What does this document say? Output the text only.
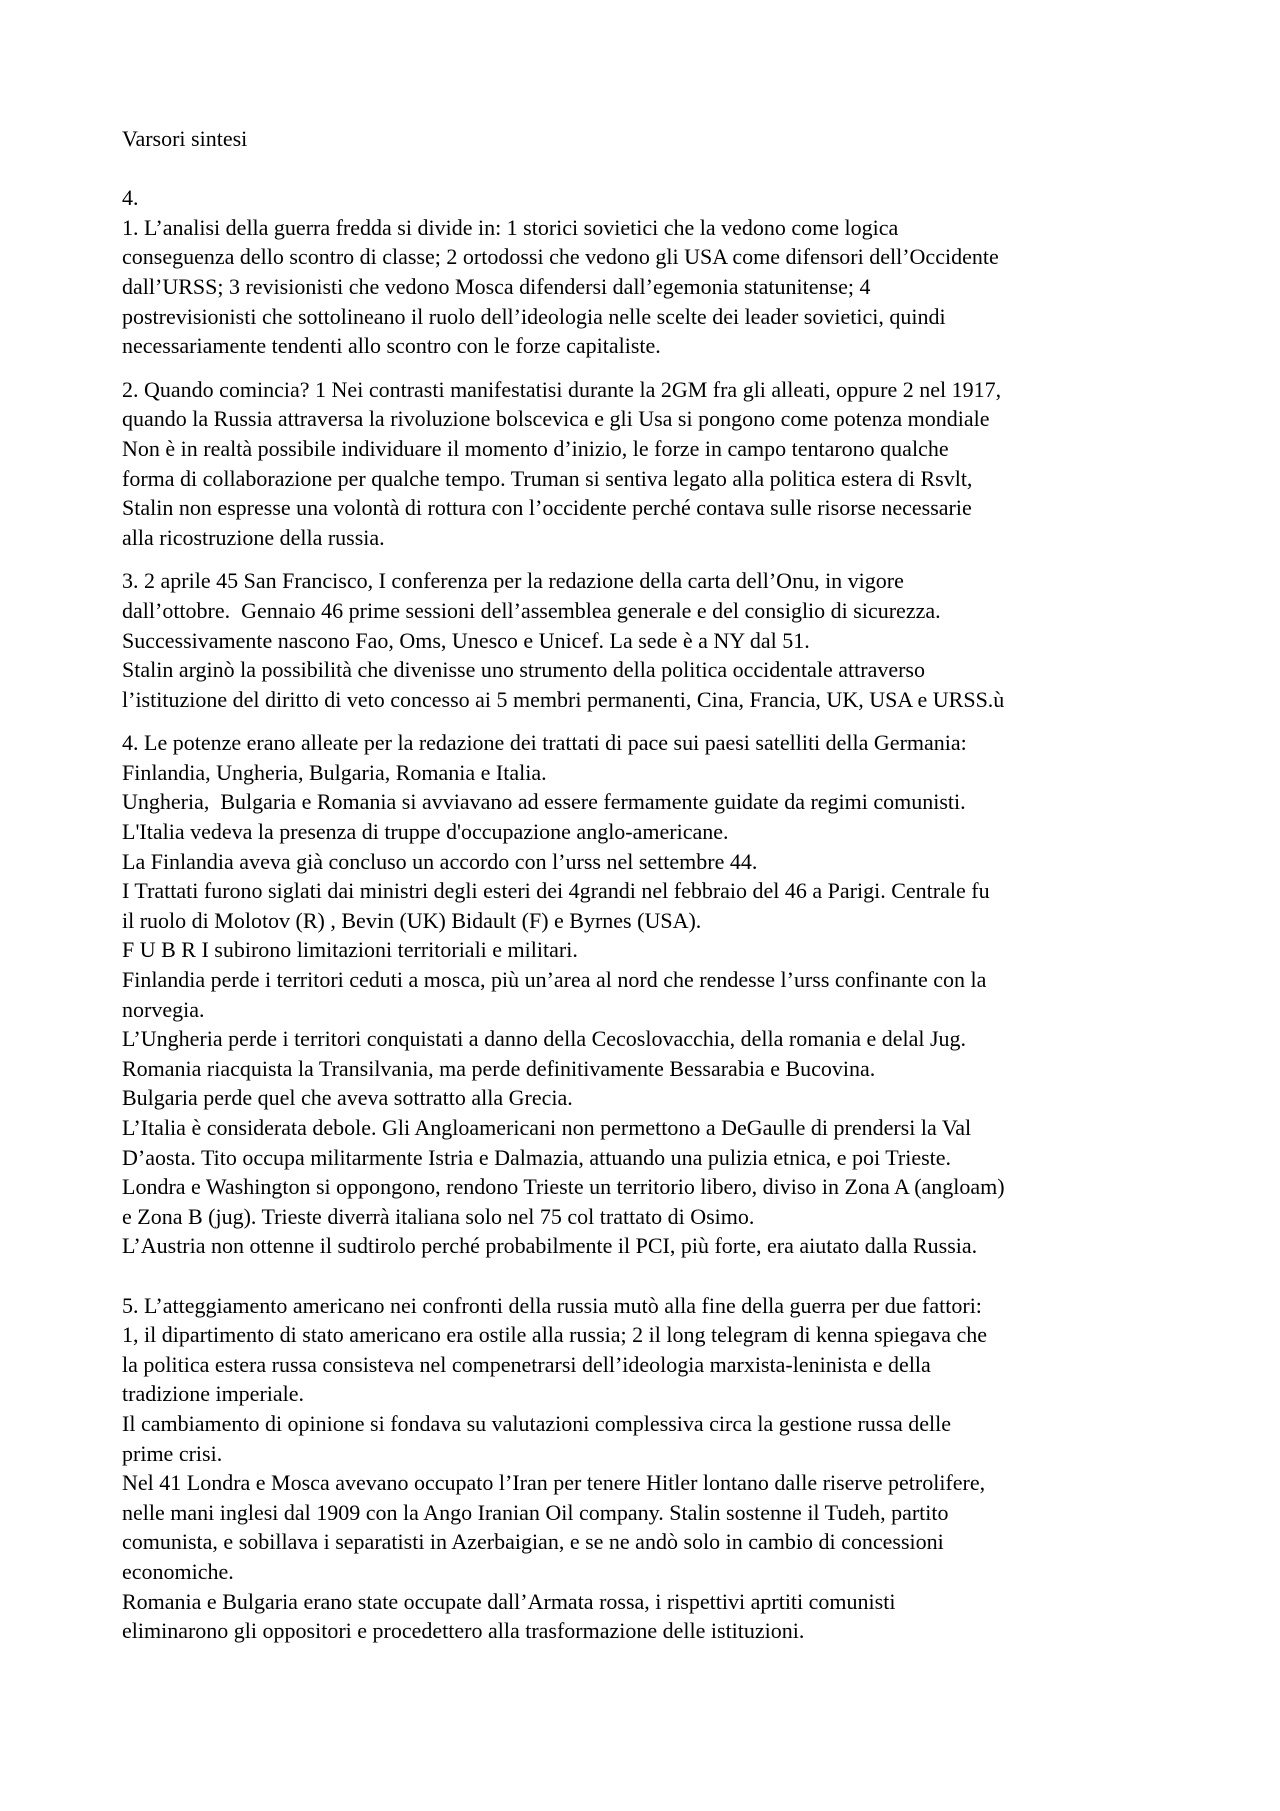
Varsori sintesi
4.
1. L’analisi della guerra fredda si divide in: 1 storici sovietici che la vedono come logica
conseguenza dello scontro di classe; 2 ortodossi che vedono gli USA come difensori dell’Occidente
dall’URSS; 3 revisionisti che vedono Mosca difendersi dall’egemonia statunitense; 4
postrevisionisti che sottolineano il ruolo dell’ideologia nelle scelte dei leader sovietici, quindi
necessariamente tendenti allo scontro con le forze capitaliste.
2. Quando comincia? 1 Nei contrasti manifestatisi durante la 2GM fra gli alleati, oppure 2 nel 1917,
quando la Russia attraversa la rivoluzione bolscevica e gli Usa si pongono come potenza mondiale
Non è in realtà possibile individuare il momento d’inizio, le forze in campo tentarono qualche
forma di collaborazione per qualche tempo. Truman si sentiva legato alla politica estera di Rsvlt,
Stalin non espresse una volontà di rottura con l’occidente perché contava sulle risorse necessarie
alla ricostruzione della russia.
3. 2 aprile 45 San Francisco, I conferenza per la redazione della carta dell’Onu, in vigore
dall’ottobre.  Gennaio 46 prime sessioni dell’assemblea generale e del consiglio di sicurezza.
Successivamente nascono Fao, Oms, Unesco e Unicef. La sede è a NY dal 51.
Stalin arginò la possibilità che divenisse uno strumento della politica occidentale attraverso
l’istituzione del diritto di veto concesso ai 5 membri permanenti, Cina, Francia, UK, USA e URSS.ù
4. Le potenze erano alleate per la redazione dei trattati di pace sui paesi satelliti della Germania:
Finlandia, Ungheria, Bulgaria, Romania e Italia.
Ungheria,  Bulgaria e Romania si avviavano ad essere fermamente guidate da regimi comunisti.
L'Italia vedeva la presenza di truppe d'occupazione anglo-americane.
La Finlandia aveva già concluso un accordo con l’urss nel settembre 44.
I Trattati furono siglati dai ministri degli esteri dei 4grandi nel febbraio del 46 a Parigi. Centrale fu
il ruolo di Molotov (R) , Bevin (UK) Bidault (F) e Byrnes (USA).
F U B R I subirono limitazioni territoriali e militari.
Finlandia perde i territori ceduti a mosca, più un’area al nord che rendesse l’urss confinante con la
norvegia.
L’Ungheria perde i territori conquistati a danno della Cecoslovacchia, della romania e delal Jug.
Romania riacquista la Transilvania, ma perde definitivamente Bessarabia e Bucovina.
Bulgaria perde quel che aveva sottratto alla Grecia.
L’Italia è considerata debole. Gli Angloamericani non permettono a DeGaulle di prendersi la Val
D’aosta. Tito occupa militarmente Istria e Dalmazia, attuando una pulizia etnica, e poi Trieste.
Londra e Washington si oppongono, rendono Trieste un territorio libero, diviso in Zona A (angloam)
e Zona B (jug). Trieste diverrà italiana solo nel 75 col trattato di Osimo.
L’Austria non ottenne il sudtirolo perché probabilmente il PCI, più forte, era aiutato dalla Russia.
5. L’atteggiamento americano nei confronti della russia mutò alla fine della guerra per due fattori:
1, il dipartimento di stato americano era ostile alla russia; 2 il long telegram di kenna spiegava che
la politica estera russa consisteva nel compenetrarsi dell’ideologia marxista-leninista e della
tradizione imperiale.
Il cambiamento di opinione si fondava su valutazioni complessiva circa la gestione russa delle
prime crisi.
Nel 41 Londra e Mosca avevano occupato l’Iran per tenere Hitler lontano dalle riserve petrolifere,
nelle mani inglesi dal 1909 con la Ango Iranian Oil company. Stalin sostenne il Tudeh, partito
comunista, e sobillava i separatisti in Azerbaigian, e se ne andò solo in cambio di concessioni
economiche.
Romania e Bulgaria erano state occupate dall’Armata rossa, i rispettivi aprtiti comunisti
eliminarono gli oppositori e procedettero alla trasformazione delle istituzioni.
